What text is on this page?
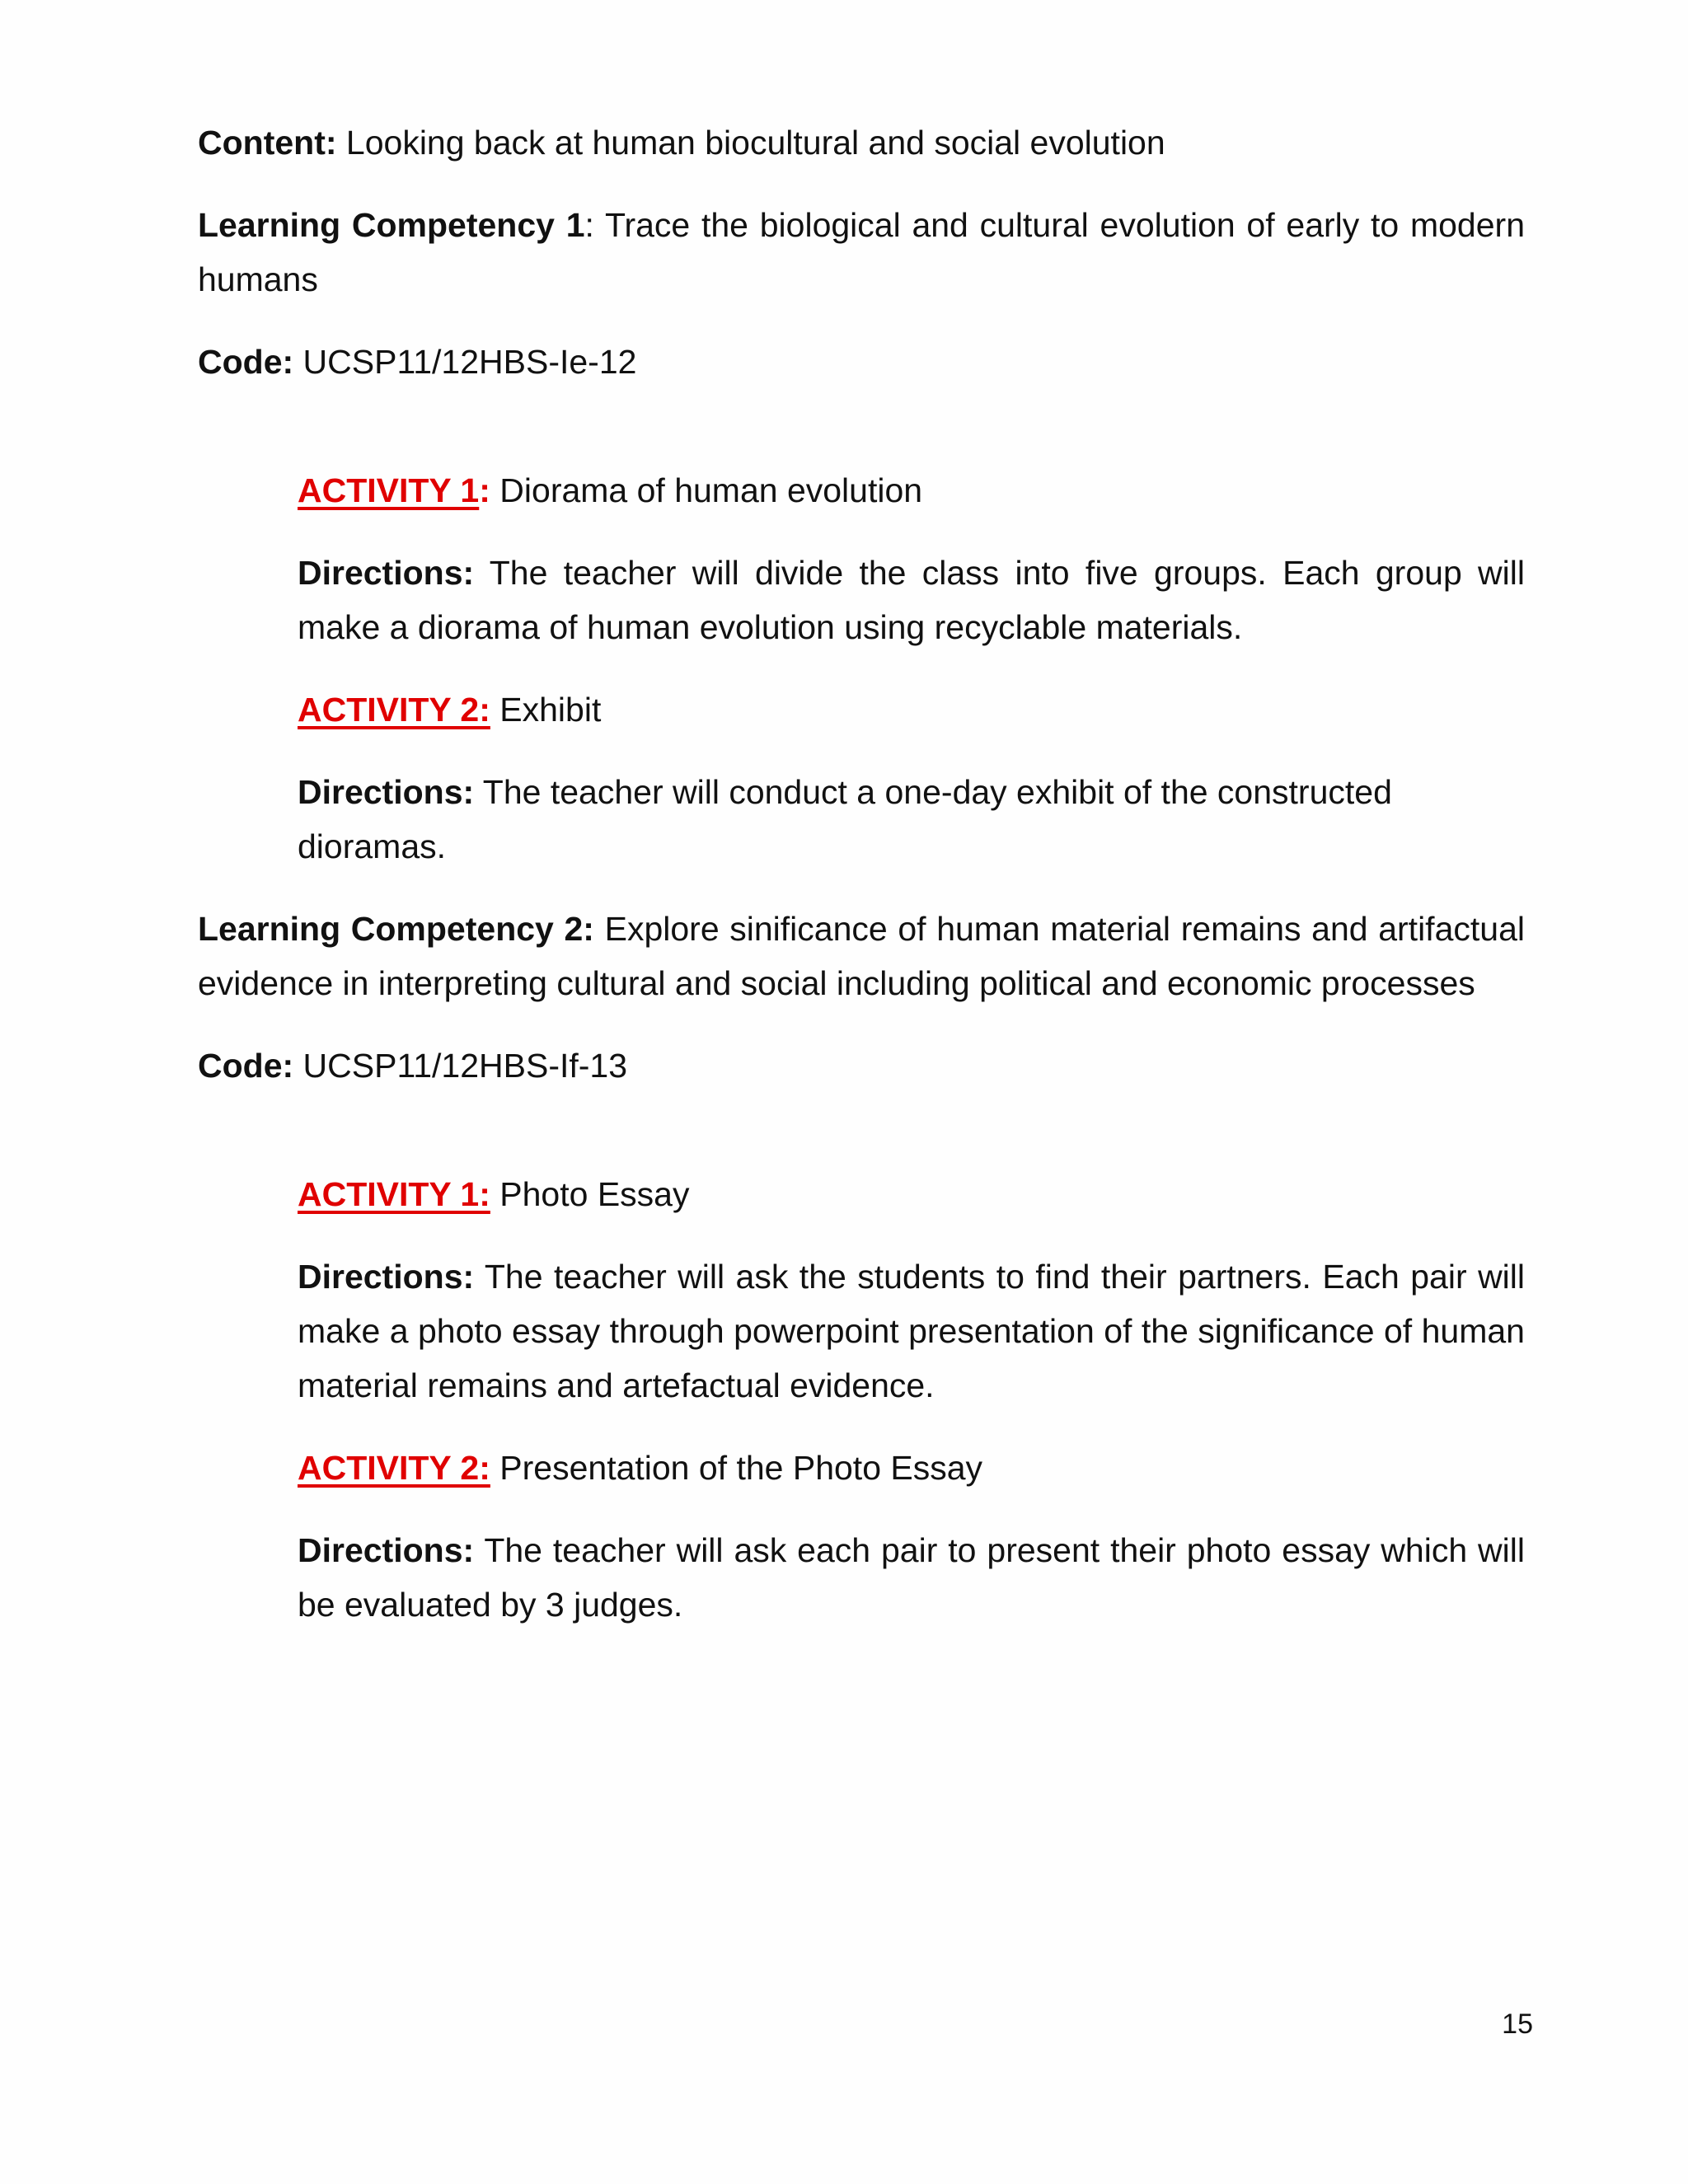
Content: Looking back at human biocultural and social evolution

Learning Competency 1: Trace the biological and cultural evolution of early to modern humans

Code: UCSP11/12HBS-Ie-12

ACTIVITY 1: Diorama of human evolution

Directions: The teacher will divide the class into five groups. Each group will make a diorama of human evolution using recyclable materials.

ACTIVITY 2: Exhibit

Directions: The teacher will conduct a one-day exhibit of the constructed dioramas.

Learning Competency 2: Explore sinificance of human material remains and artifactual evidence in interpreting cultural and social including political and economic processes

Code: UCSP11/12HBS-If-13

ACTIVITY 1: Photo Essay

Directions: The teacher will ask the students to find their partners. Each pair will make a photo essay through powerpoint presentation of the significance of human material remains and artefactual evidence.

ACTIVITY 2: Presentation of the Photo Essay

Directions: The teacher will ask each pair to present their photo essay which will be evaluated by 3 judges.

15
